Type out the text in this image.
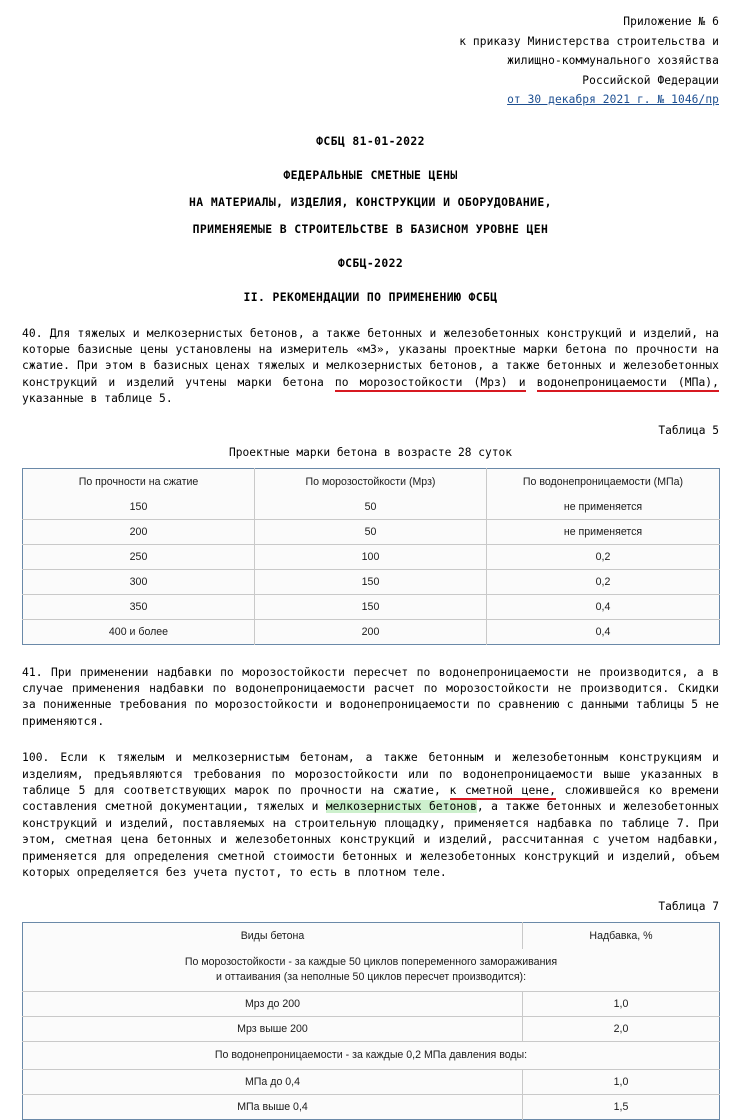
Приложение № 6
к приказу Министерства строительства и
жилищно-коммунального хозяйства
Российской Федерации
от 30 декабря 2021 г. № 1046/пр
ФСБЦ 81-01-2022
ФЕДЕРАЛЬНЫЕ СМЕТНЫЕ ЦЕНЫ
НА МАТЕРИАЛЫ, ИЗДЕЛИЯ, КОНСТРУКЦИИ И ОБОРУДОВАНИЕ,
ПРИМЕНЯЕМЫЕ В СТРОИТЕЛЬСТВЕ В БАЗИСНОМ УРОВНЕ ЦЕН
ФСБЦ-2022
II. РЕКОМЕНДАЦИИ ПО ПРИМЕНЕНИЮ ФСБЦ
40. Для тяжелых и мелкозернистых бетонов, а также бетонных и железобетонных конструкций и изделий, на которые базисные цены установлены на измеритель «м3», указаны проектные марки бетона по прочности на сжатие. При этом в базисных ценах тяжелых и мелкозернистых бетонов, а также бетонных и железобетонных конструкций и изделий учтены марки бетона по морозостойкости (Мрз) и водонепроницаемости (МПа), указанные в таблице 5.
Таблица 5
Проектные марки бетона в возрасте 28 суток
По прочности на сжатие	По морозостойкости (Мрз)	По водонепроницаемости (МПа)
150	50	не применяется
200	50	не применяется
250	100	0,2
300	150	0,2
350	150	0,4
400 и более	200	0,4
41. При применении надбавки по морозостойкости пересчет по водонепроницаемости не производится, а в случае применения надбавки по водонепроницаемости расчет по морозостойкости не производится. Скидки за пониженные требования по морозостойкости и водонепроницаемости по сравнению с данными таблицы 5 не применяются.
100. Если к тяжелым и мелкозернистым бетонам, а также бетонным и железобетонным конструкциям и изделиям, предъявляются требования по морозостойкости или по водонепроницаемости выше указанных в таблице 5 для соответствующих марок по прочности на сжатие, к сметной цене, сложившейся ко времени составления сметной документации, тяжелых и мелкозернистых бетонов, а также бетонных и железобетонных конструкций и изделий, поставляемых на строительную площадку, применяется надбавка по таблице 7. При этом, сметная цена бетонных и железобетонных конструкций и изделий, рассчитанная с учетом надбавки, применяется для определения сметной стоимости бетонных и железобетонных конструкций и изделий, объем которых определяется без учета пустот, то есть в плотном теле.
Таблица 7
Виды бетона	Надбавка, %
По морозостойкости - за каждые 50 циклов попеременного замораживания
и оттаивания (за неполные 50 циклов пересчет производится):	
Мрз до 200	1,0
Мрз выше 200	2,0
По водонепроницаемости - за каждые 0,2 МПа давления воды:	
МПа до 0,4	1,0
МПа выше 0,4	1,5
